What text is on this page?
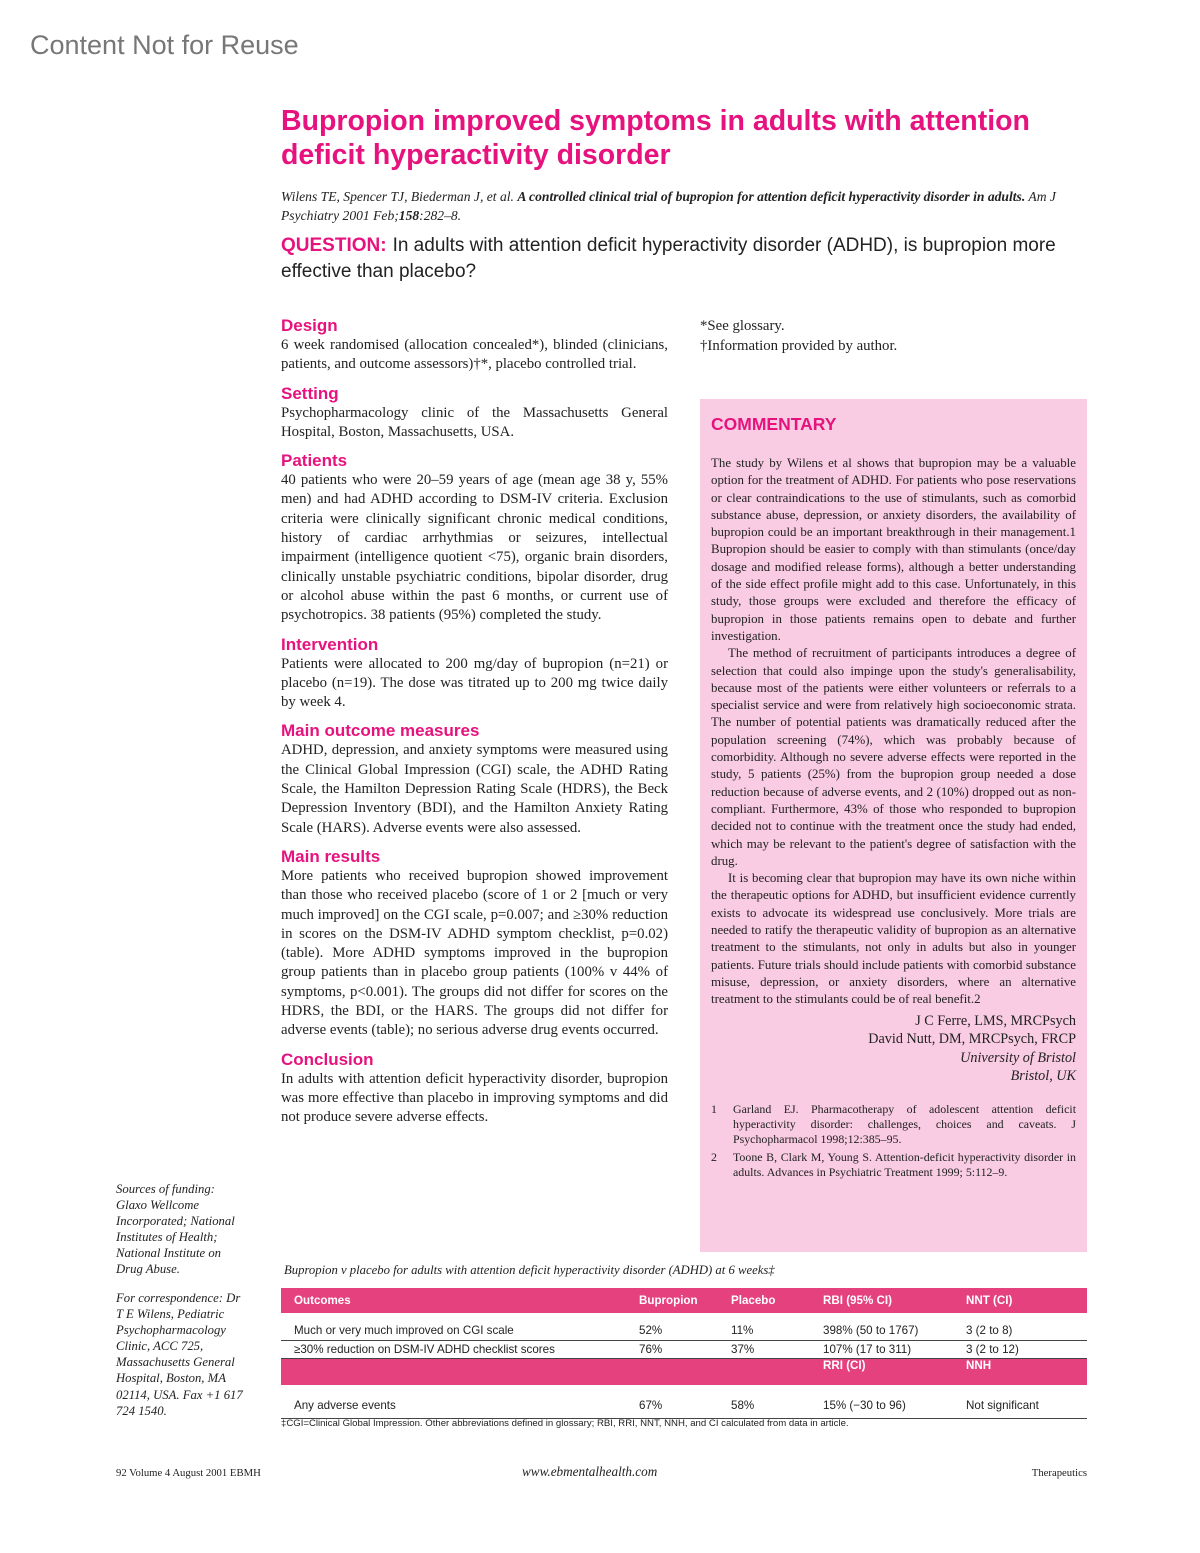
Content Not for Reuse
Bupropion improved symptoms in adults with attention deficit hyperactivity disorder

Wilens TE, Spencer TJ, Biederman J, et al. A controlled clinical trial of bupropion for attention deficit hyperactivity disorder in adults. Am J Psychiatry 2001 Feb;158:282–8.

QUESTION: In adults with attention deficit hyperactivity disorder (ADHD), is bupropion more effective than placebo?

Design

6 week randomised (allocation concealed*), blinded (clinicians, patients, and outcome assessors)†*, placebo controlled trial.

Setting

Psychopharmacology clinic of the Massachusetts General Hospital, Boston, Massachusetts, USA.

Patients

40 patients who were 20–59 years of age (mean age 38 y, 55% men) and had ADHD according to DSM-IV criteria. Exclusion criteria were clinically significant chronic medical conditions, history of cardiac arrhythmias or seizures, intellectual impairment (intelligence quotient <75), organic brain disorders, clinically unstable psychiatric conditions, bipolar disorder, drug or alcohol abuse within the past 6 months, or current use of psychotropics. 38 patients (95%) completed the study.

Intervention

Patients were allocated to 200 mg/day of bupropion (n=21) or placebo (n=19). The dose was titrated up to 200 mg twice daily by week 4.

Main outcome measures

ADHD, depression, and anxiety symptoms were measured using the Clinical Global Impression (CGI) scale, the ADHD Rating Scale, the Hamilton Depression Rating Scale (HDRS), the Beck Depression Inventory (BDI), and the Hamilton Anxiety Rating Scale (HARS). Adverse events were also assessed.

Main results

More patients who received bupropion showed improvement than those who received placebo (score of 1 or 2 [much or very much improved] on the CGI scale, p=0.007; and ≥30% reduction in scores on the DSM-IV ADHD symptom checklist, p=0.02) (table). More ADHD symptoms improved in the bupropion group patients than in placebo group patients (100% v 44% of symptoms, p<0.001). The groups did not differ for scores on the HDRS, the BDI, or the HARS. The groups did not differ for adverse events (table); no serious adverse drug events occurred.

Conclusion

In adults with attention deficit hyperactivity disorder, bupropion was more effective than placebo in improving symptoms and did not produce severe adverse effects.

*See glossary.

†Information provided by author.

COMMENTARY

The study by Wilens et al shows that bupropion may be a valuable option for the treatment of ADHD. For patients who pose reservations or clear contraindications to the use of stimulants, such as comorbid substance abuse, depression, or anxiety disorders, the availability of bupropion could be an important breakthrough in their management.1 Bupropion should be easier to comply with than stimulants (once/day dosage and modified release forms), although a better understanding of the side effect profile might add to this case. Unfortunately, in this study, those groups were excluded and therefore the efficacy of bupropion in those patients remains open to debate and further investigation.

The method of recruitment of participants introduces a degree of selection that could also impinge upon the study's generalisability, because most of the patients were either volunteers or referrals to a specialist service and were from relatively high socioeconomic strata. The number of potential patients was dramatically reduced after the population screening (74%), which was probably because of comorbidity. Although no severe adverse effects were reported in the study, 5 patients (25%) from the bupropion group needed a dose reduction because of adverse events, and 2 (10%) dropped out as non-compliant. Furthermore, 43% of those who responded to bupropion decided not to continue with the treatment once the study had ended, which may be relevant to the patient's degree of satisfaction with the drug.

It is becoming clear that bupropion may have its own niche within the therapeutic options for ADHD, but insufficient evidence currently exists to advocate its widespread use conclusively. More trials are needed to ratify the therapeutic validity of bupropion as an alternative treatment to the stimulants, not only in adults but also in younger patients. Future trials should include patients with comorbid substance misuse, depression, or anxiety disorders, where an alternative treatment to the stimulants could be of real benefit.2

J C Ferre, LMS, MRCPsych
David Nutt, DM, MRCPsych, FRCP
University of Bristol
Bristol, UK
1	Garland EJ. Pharmacotherapy of adolescent attention deficit hyperactivity disorder: challenges, choices and caveats. J Psychopharmacol 1998;12:385–95.
2	Toone B, Clark M, Young S. Attention-deficit hyperactivity disorder in adults. Advances in Psychiatric Treatment 1999; 5:112–9.

Sources of funding: Glaxo Wellcome Incorporated; National Institutes of Health; National Institute on Drug Abuse.

For correspondence: Dr T E Wilens, Pediatric Psychopharmacology Clinic, ACC 725, Massachusetts General Hospital, Boston, MA 02114, USA. Fax +1 617 724 1540.

Bupropion v placebo for adults with attention deficit hyperactivity disorder (ADHD) at 6 weeks‡

Outcomes	Bupropion	Placebo	RBI (95% CI)	NNT (CI)

Much or very much improved on CGI scale	52%	11%	398% (50 to 1767)	3 (2 to 8)
≥30% reduction on DSM-IV ADHD checklist scores	76%	37%	107% (17 to 311)	3 (2 to 12)
			RRI (CI)	NNH

Any adverse events	67%	58%	15% (−30 to 96)	Not significant

‡CGI=Clinical Global Impression. Other abbreviations defined in glossary; RBI, RRI, NNT, NNH, and CI calculated from data in article.

92 Volume 4 August 2001 EBMH	www.ebmentalhealth.com	Therapeutics
